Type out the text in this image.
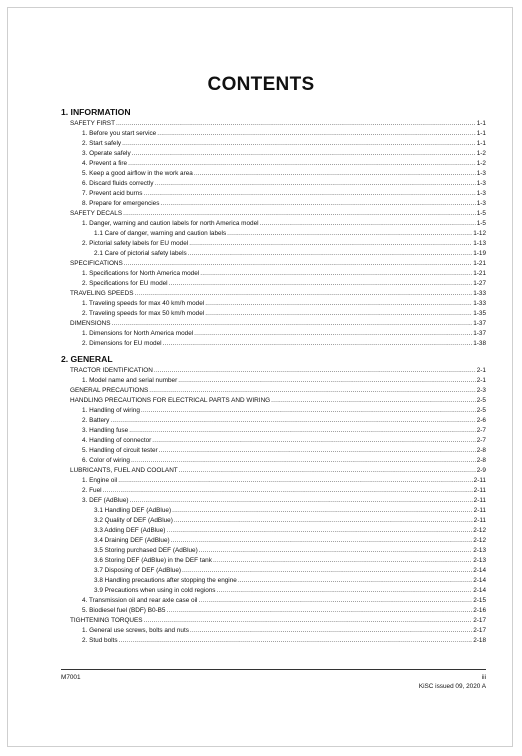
CONTENTS
1. INFORMATION
SAFETY FIRST .....	1-1
1. Before you start service .....	1-1
2. Start safely .....	1-1
3. Operate safely .....	1-2
4. Prevent a fire .....	1-2
5. Keep a good airflow in the work area .....	1-3
6. Discard fluids correctly .....	1-3
7. Prevent acid burns .....	1-3
8. Prepare for emergencies .....	1-3
SAFETY DECALS .....	1-5
1. Danger, warning and caution labels for north America model .....	1-5
1.1 Care of danger, warning and caution labels .....	1-12
2. Pictorial safety labels for EU model .....	1-13
2.1 Care of pictorial safety labels .....	1-19
SPECIFICATIONS .....	1-21
1. Specifications for North America model .....	1-21
2. Specifications for EU model .....	1-27
TRAVELING SPEEDS .....	1-33
1. Traveling speeds for max 40 km/h model .....	1-33
2. Traveling speeds for max 50 km/h model .....	1-35
DIMENSIONS .....	1-37
1. Dimensions for North America model .....	1-37
2. Dimensions for EU model .....	1-38
2. GENERAL
TRACTOR IDENTIFICATION .....	2-1
1. Model name and serial number .....	2-1
GENERAL PRECAUTIONS .....	2-3
HANDLING PRECAUTIONS FOR ELECTRICAL PARTS AND WIRING .....	2-5
1. Handling of wiring .....	2-5
2. Battery .....	2-6
3. Handling fuse .....	2-7
4. Handling of connector .....	2-7
5. Handling of circuit tester .....	2-8
6. Color of wiring .....	2-8
LUBRICANTS, FUEL AND COOLANT .....	2-9
1. Engine oil .....	2-11
2. Fuel .....	2-11
3. DEF (AdBlue) .....	2-11
3.1 Handling DEF (AdBlue) .....	2-11
3.2 Quality of DEF (AdBlue) .....	2-11
3.3 Adding DEF (AdBlue) .....	2-12
3.4 Draining DEF (AdBlue) .....	2-12
3.5 Storing purchased DEF (AdBlue) .....	2-13
3.6 Storing DEF (AdBlue) in the DEF tank .....	2-13
3.7 Disposing of DEF (AdBlue) .....	2-14
3.8 Handling precautions after stopping the engine .....	2-14
3.9 Precautions when using in cold regions .....	2-14
4. Transmission oil and rear axle case oil .....	2-15
5. Biodiesel fuel (BDF) B0-B5 .....	2-16
TIGHTENING TORQUES .....	2-17
1. General use screws, bolts and nuts .....	2-17
2. Stud bolts .....	2-18
M7001	iii
KiSC issued 09, 2020 A
